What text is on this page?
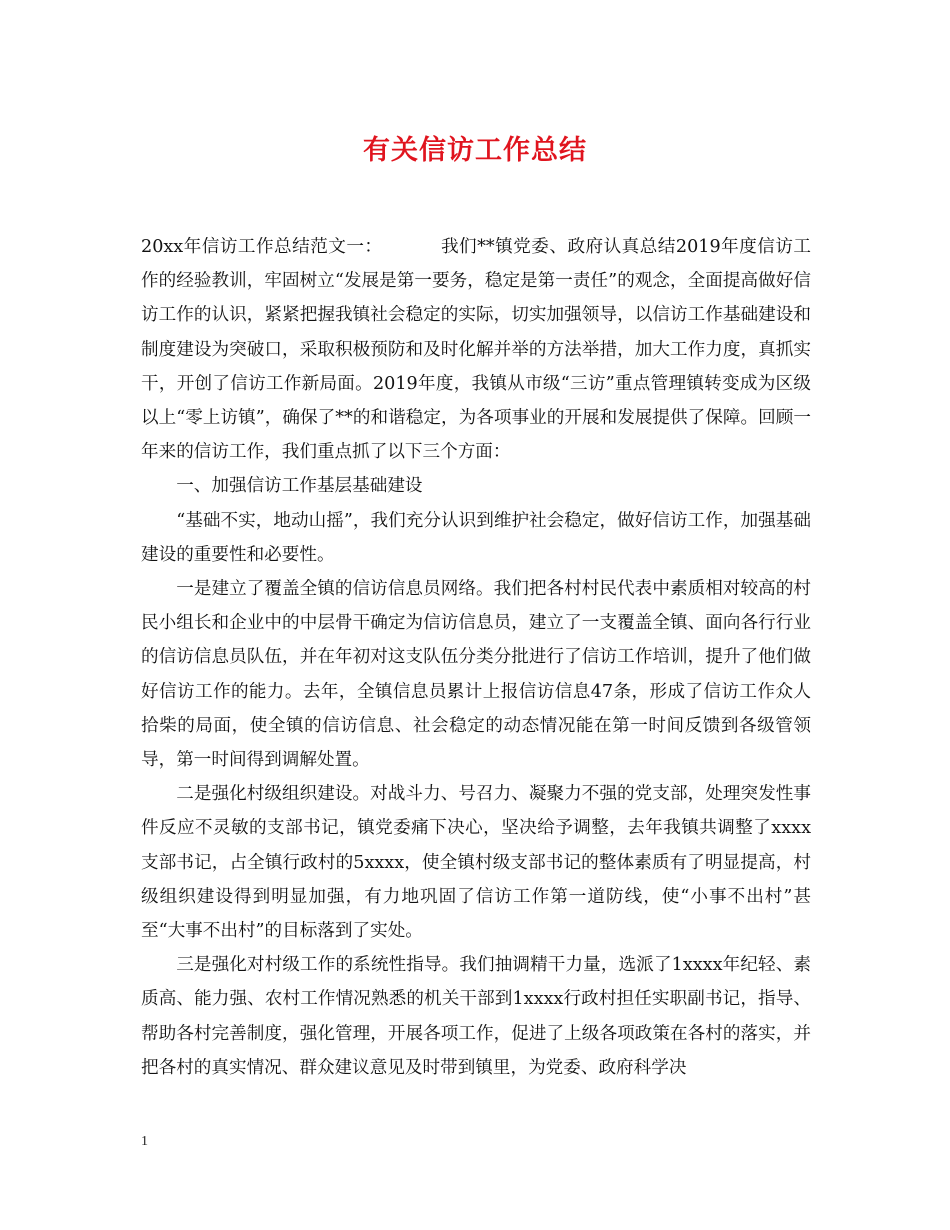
有关信访工作总结

20xx年信访工作总结范文一：	我们**镇党委、政府认真总结2019年度信访工作的经验教训，牢固树立“发展是第一要务，稳定是第一责任”的观念，全面提高做好信访工作的认识，紧紧把握我镇社会稳定的实际，切实加强领导，以信访工作基础建设和制度建设为突破口，采取积极预防和及时化解并举的方法举措，加大工作力度，真抓实干，开创了信访工作新局面。2019年度，我镇从市级“三访”重点管理镇转变成为区级以上“零上访镇”，确保了**的和谐稳定，为各项事业的开展和发展提供了保障。回顾一年来的信访工作，我们重点抓了以下三个方面：

一、加强信访工作基层基础建设

“基础不实，地动山摇”，我们充分认识到维护社会稳定，做好信访工作，加强基础建设的重要性和必要性。

一是建立了覆盖全镇的信访信息员网络。我们把各村村民代表中素质相对较高的村民小组长和企业中的中层骨干确定为信访信息员，建立了一支覆盖全镇、面向各行行业的信访信息员队伍，并在年初对这支队伍分类分批进行了信访工作培训，提升了他们做好信访工作的能力。去年，全镇信息员累计上报信访信息47条，形成了信访工作众人拾柴的局面，使全镇的信访信息、社会稳定的动态情况能在第一时间反馈到各级管领导，第一时间得到调解处置。

二是强化村级组织建设。对战斗力、号召力、凝聚力不强的党支部，处理突发性事件反应不灵敏的支部书记，镇党委痛下决心，坚决给予调整，去年我镇共调整了xxxx支部书记，占全镇行政村的5xxxx，使全镇村级支部书记的整体素质有了明显提高，村级组织建设得到明显加强，有力地巩固了信访工作第一道防线，使“小事不出村”甚至“大事不出村”的目标落到了实处。

三是强化对村级工作的系统性指导。我们抽调精干力量，选派了1xxxx年纪轻、素质高、能力强、农村工作情况熟悉的机关干部到1xxxx行政村担任实职副书记，指导、帮助各村完善制度，强化管理，开展各项工作，促进了上级各项政策在各村的落实，并把各村的真实情况、群众建议意见及时带到镇里，为党委、政府科学决

1
